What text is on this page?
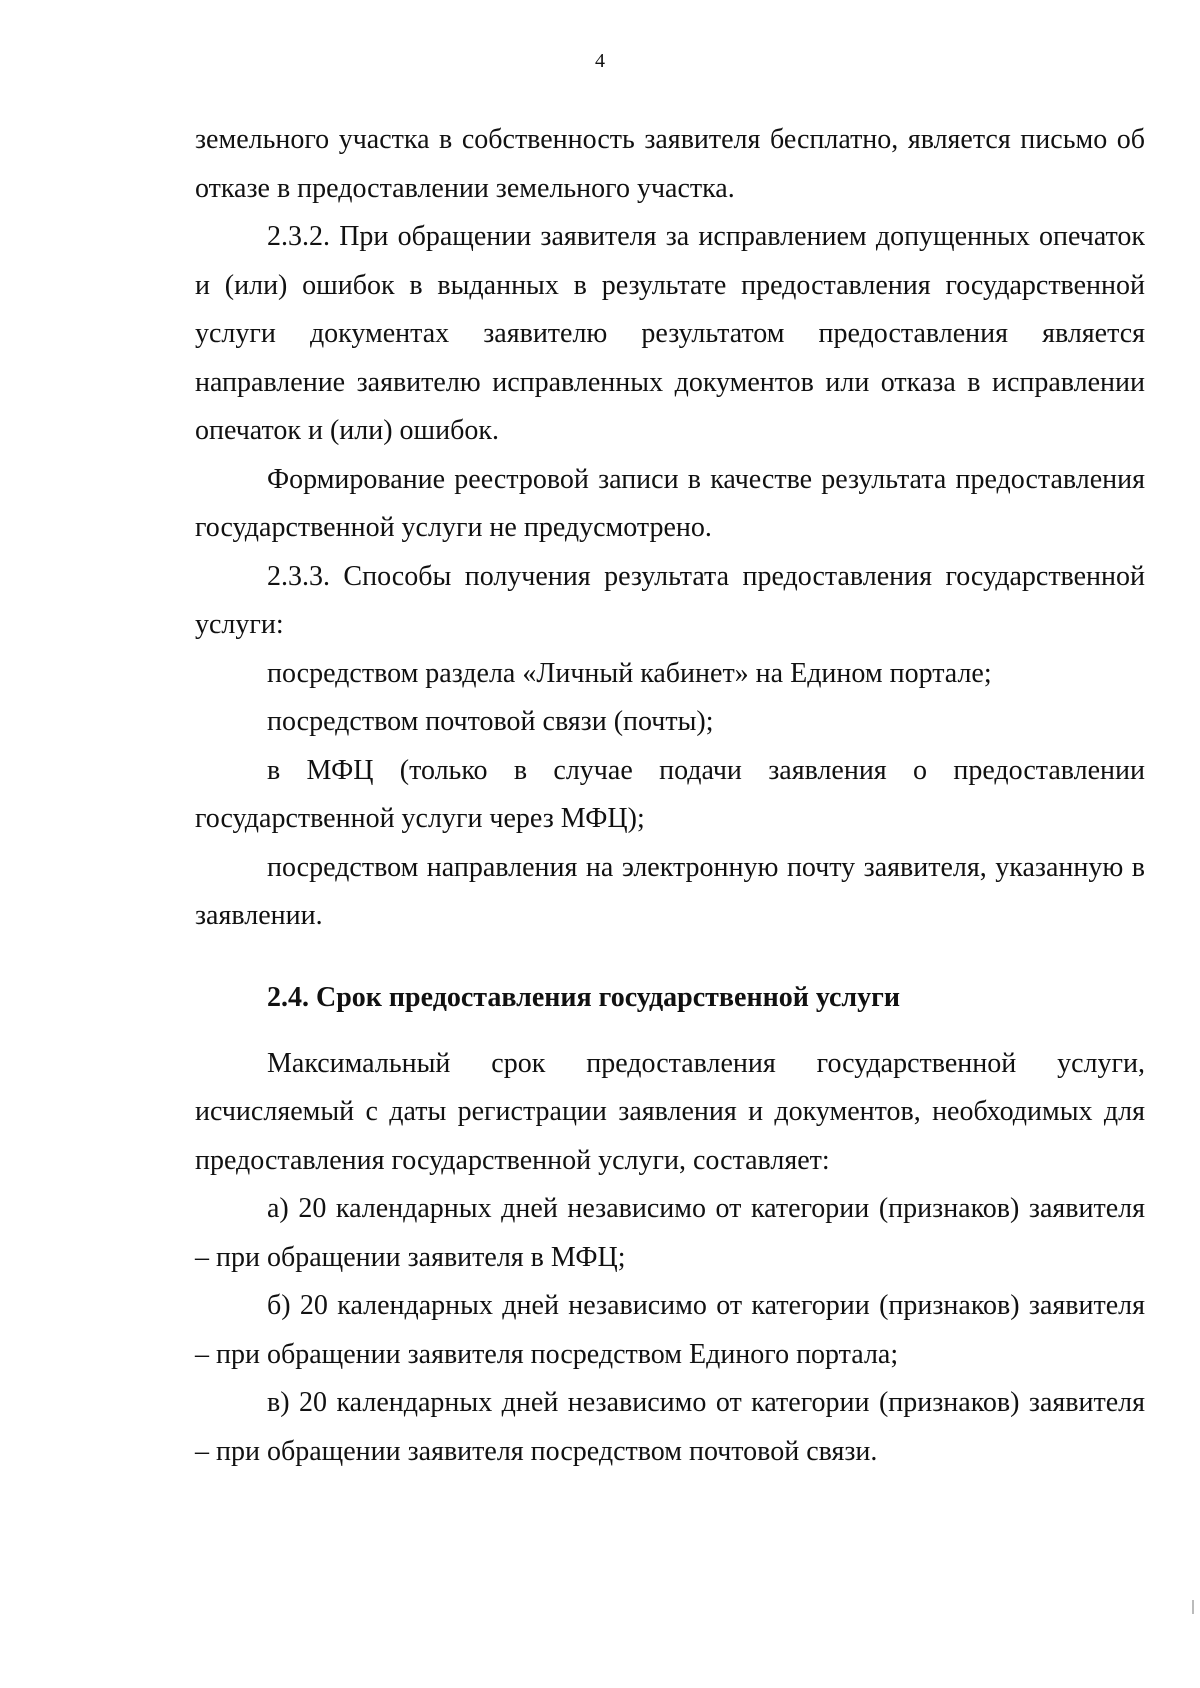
4

земельного участка в собственность заявителя бесплатно, является письмо об отказе в предоставлении земельного участка.

2.3.2. При обращении заявителя за исправлением допущенных опечаток и (или) ошибок в выданных в результате предоставления государственной услуги документах заявителю результатом предоставления является направление заявителю исправленных документов или отказа в исправлении опечаток и (или) ошибок.

Формирование реестровой записи в качестве результата предоставления государственной услуги не предусмотрено.

2.3.3. Способы получения результата предоставления государственной услуги:

посредством раздела «Личный кабинет» на Едином портале;

посредством почтовой связи (почты);

в МФЦ (только в случае подачи заявления о предоставлении государственной услуги через МФЦ);

посредством направления на электронную почту заявителя, указанную в заявлении.

2.4. Срок предоставления государственной услуги

Максимальный срок предоставления государственной услуги, исчисляемый с даты регистрации заявления и документов, необходимых для предоставления государственной услуги, составляет:

а) 20 календарных дней независимо от категории (признаков) заявителя – при обращении заявителя в МФЦ;

б) 20 календарных дней независимо от категории (признаков) заявителя – при обращении заявителя посредством Единого портала;

в) 20 календарных дней независимо от категории (признаков) заявителя – при обращении заявителя посредством почтовой связи.
